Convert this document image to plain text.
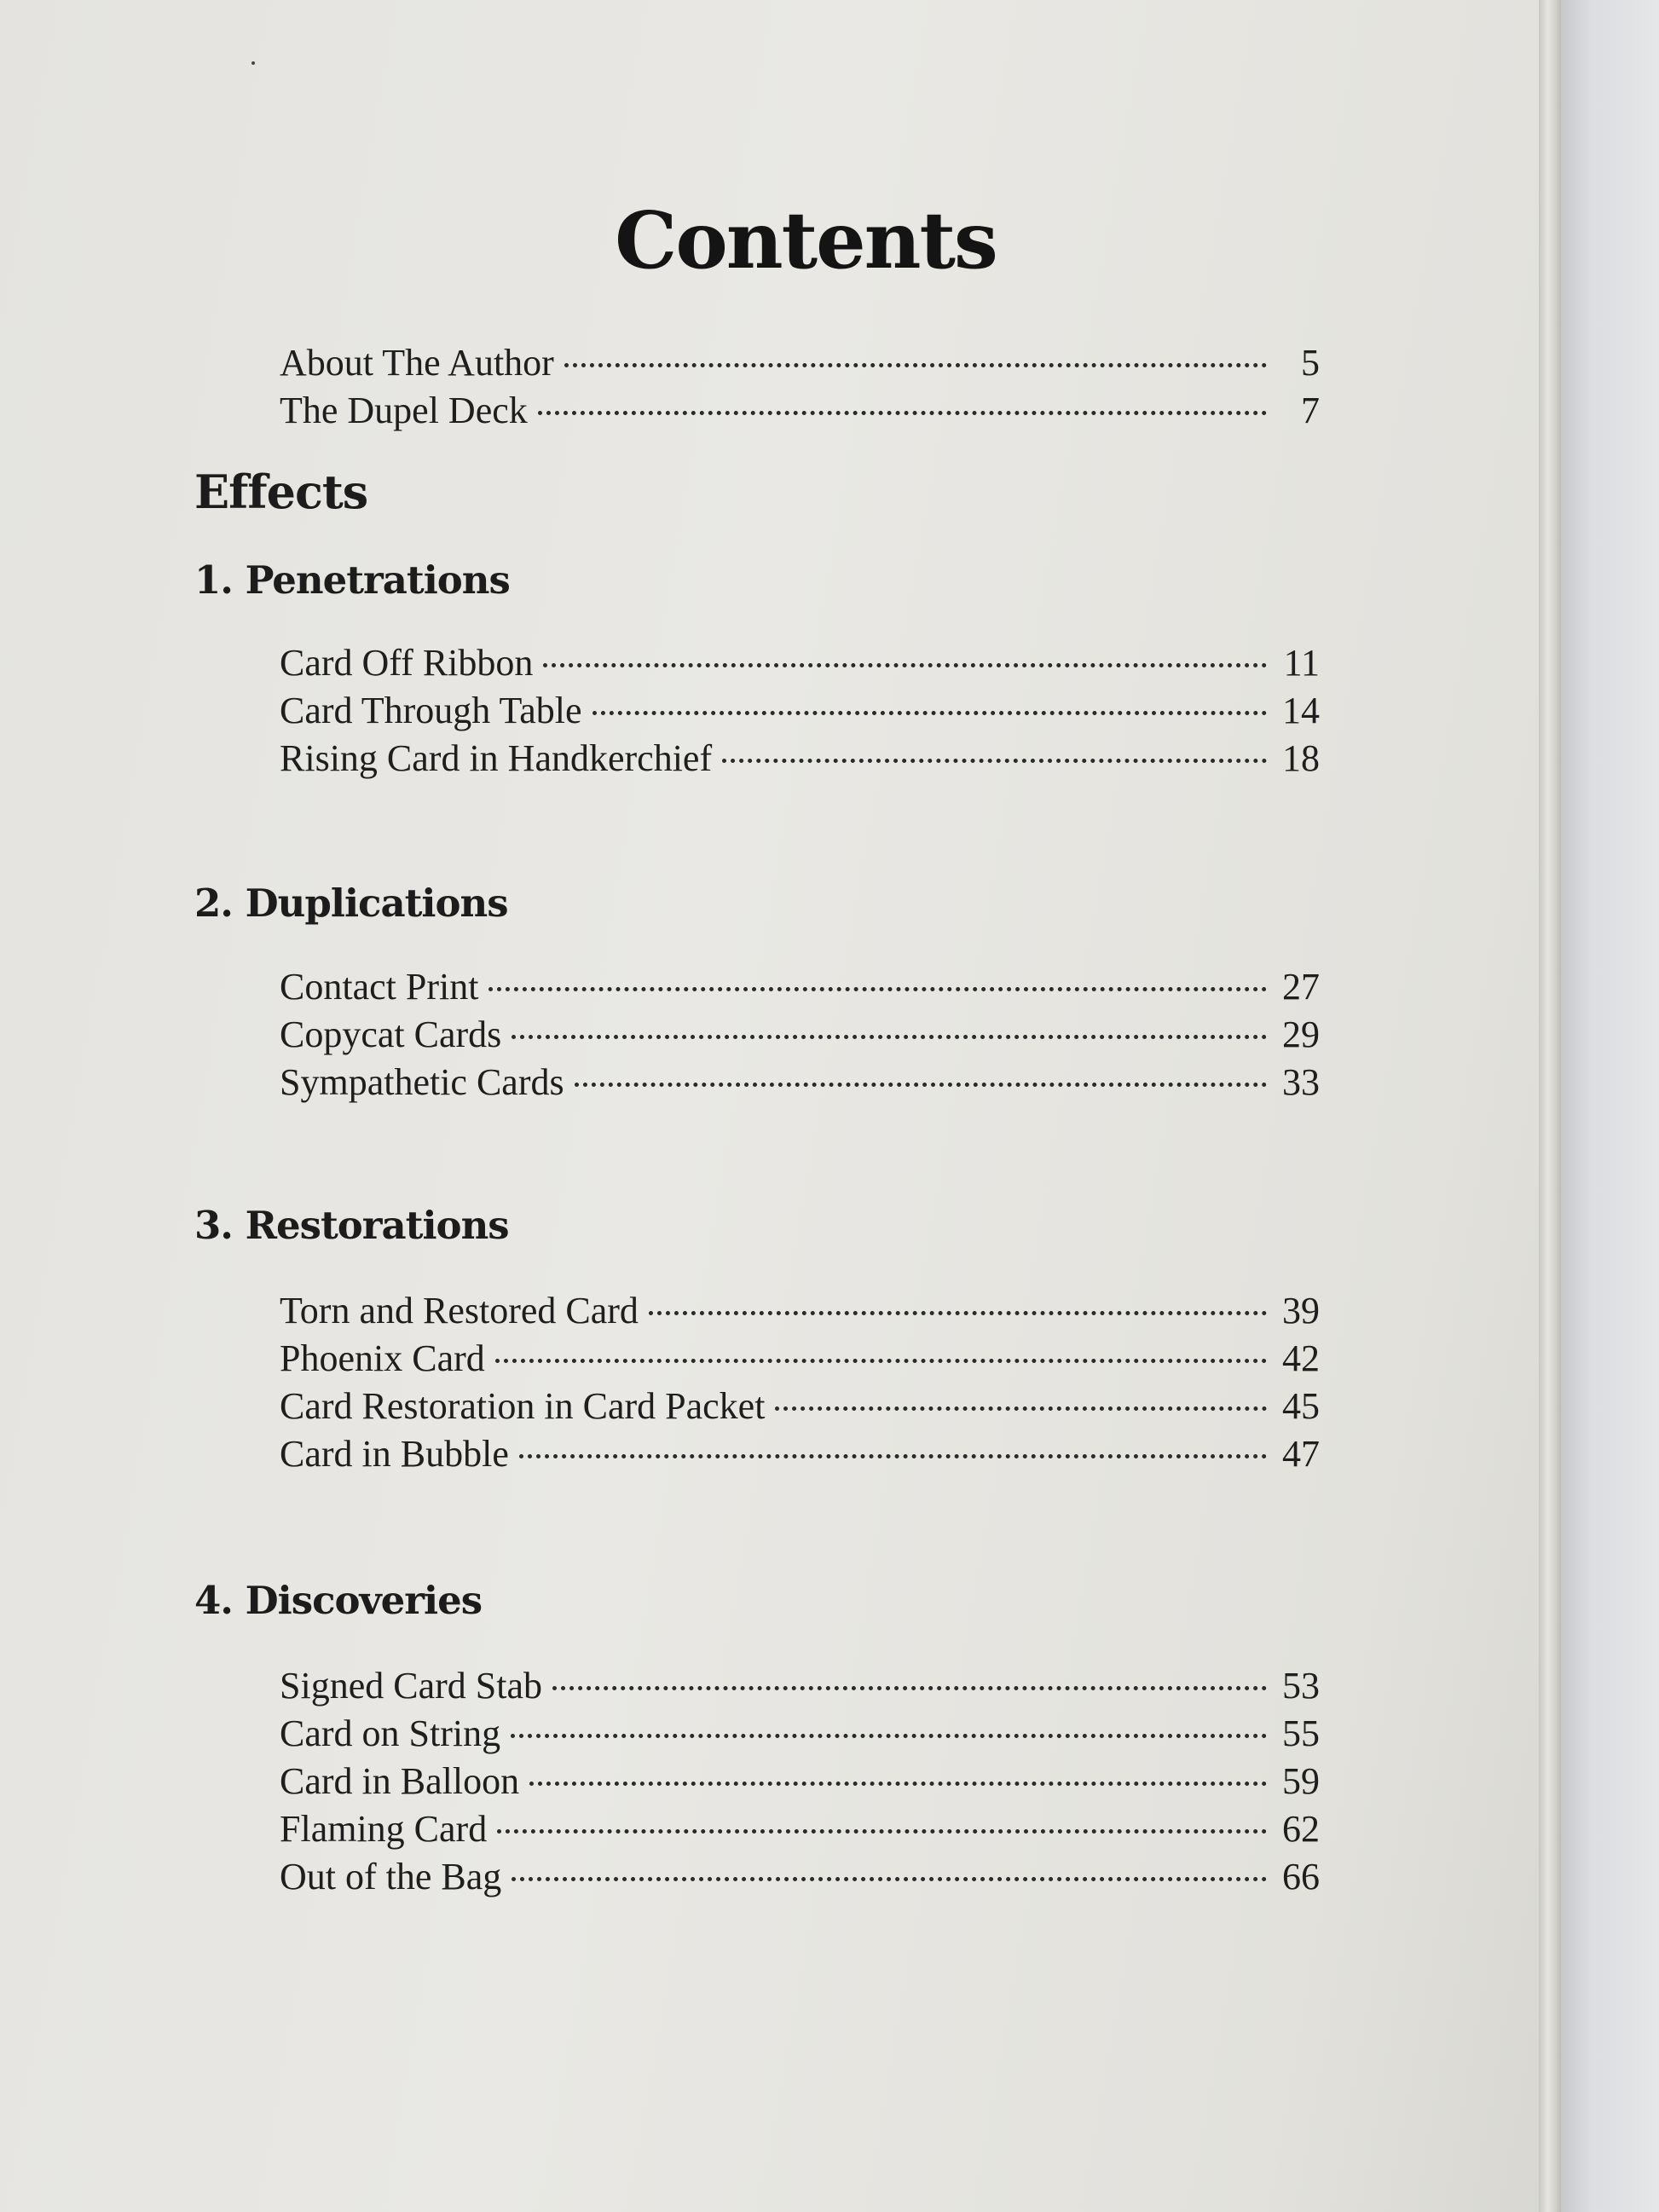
Contents
About The Author	5
The Dupel Deck	7
Effects
1. Penetrations
Card Off Ribbon	11
Card Through Table	14
Rising Card in Handkerchief	18
2. Duplications
Contact Print	27
Copycat Cards	29
Sympathetic Cards	33
3. Restorations
Torn and Restored Card	39
Phoenix Card	42
Card Restoration in Card Packet	45
Card in Bubble	47
4. Discoveries
Signed Card Stab	53
Card on String	55
Card in Balloon	59
Flaming Card	62
Out of the Bag	66
